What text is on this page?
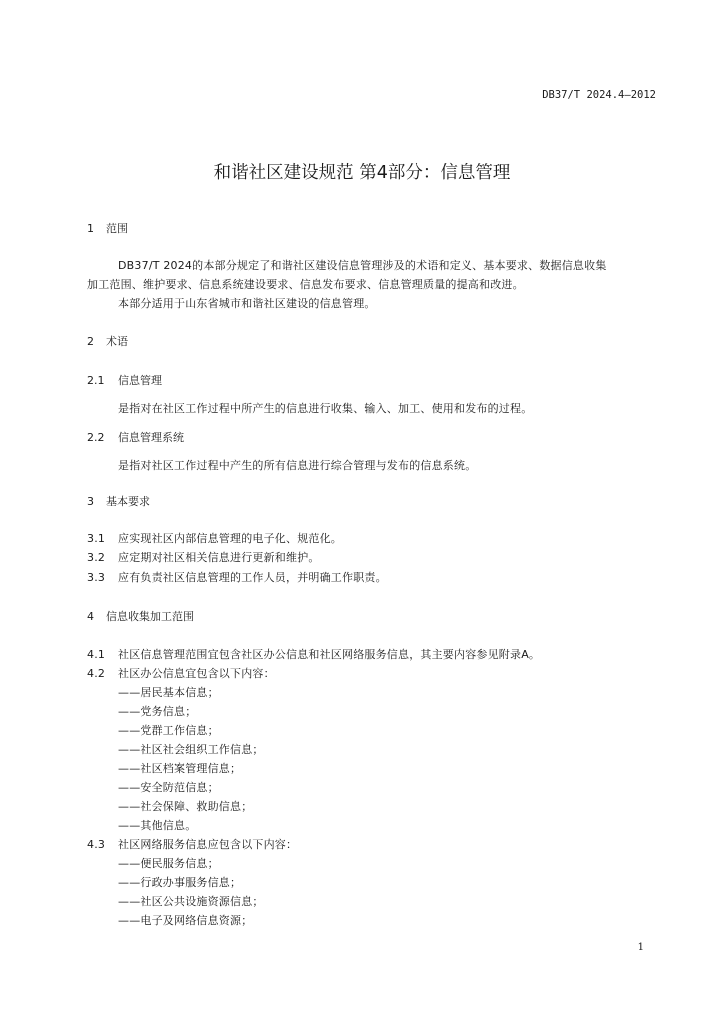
DB37/T 2024.4—2012
和谐社区建设规范 第4部分：信息管理
1 范围
DB37/T 2024的本部分规定了和谐社区建设信息管理涉及的术语和定义、基本要求、数据信息收集
加工范围、维护要求、信息系统建设要求、信息发布要求、信息管理质量的提高和改进。
本部分适用于山东省城市和谐社区建设的信息管理。
2 术语
2.1 信息管理
是指对在社区工作过程中所产生的信息进行收集、输入、加工、使用和发布的过程。
2.2 信息管理系统
是指对社区工作过程中产生的所有信息进行综合管理与发布的信息系统。
3 基本要求
3.1 应实现社区内部信息管理的电子化、规范化。
3.2 应定期对社区相关信息进行更新和维护。
3.3 应有负责社区信息管理的工作人员，并明确工作职责。
4 信息收集加工范围
4.1 社区信息管理范围宜包含社区办公信息和社区网络服务信息，其主要内容参见附录A。
4.2 社区办公信息宜包含以下内容：
——居民基本信息；
——党务信息；
——党群工作信息；
——社区社会组织工作信息；
——社区档案管理信息；
——安全防范信息；
——社会保障、救助信息；
——其他信息。
4.3 社区网络服务信息应包含以下内容：
——便民服务信息；
——行政办事服务信息；
——社区公共设施资源信息；
——电子及网络信息资源；
1
